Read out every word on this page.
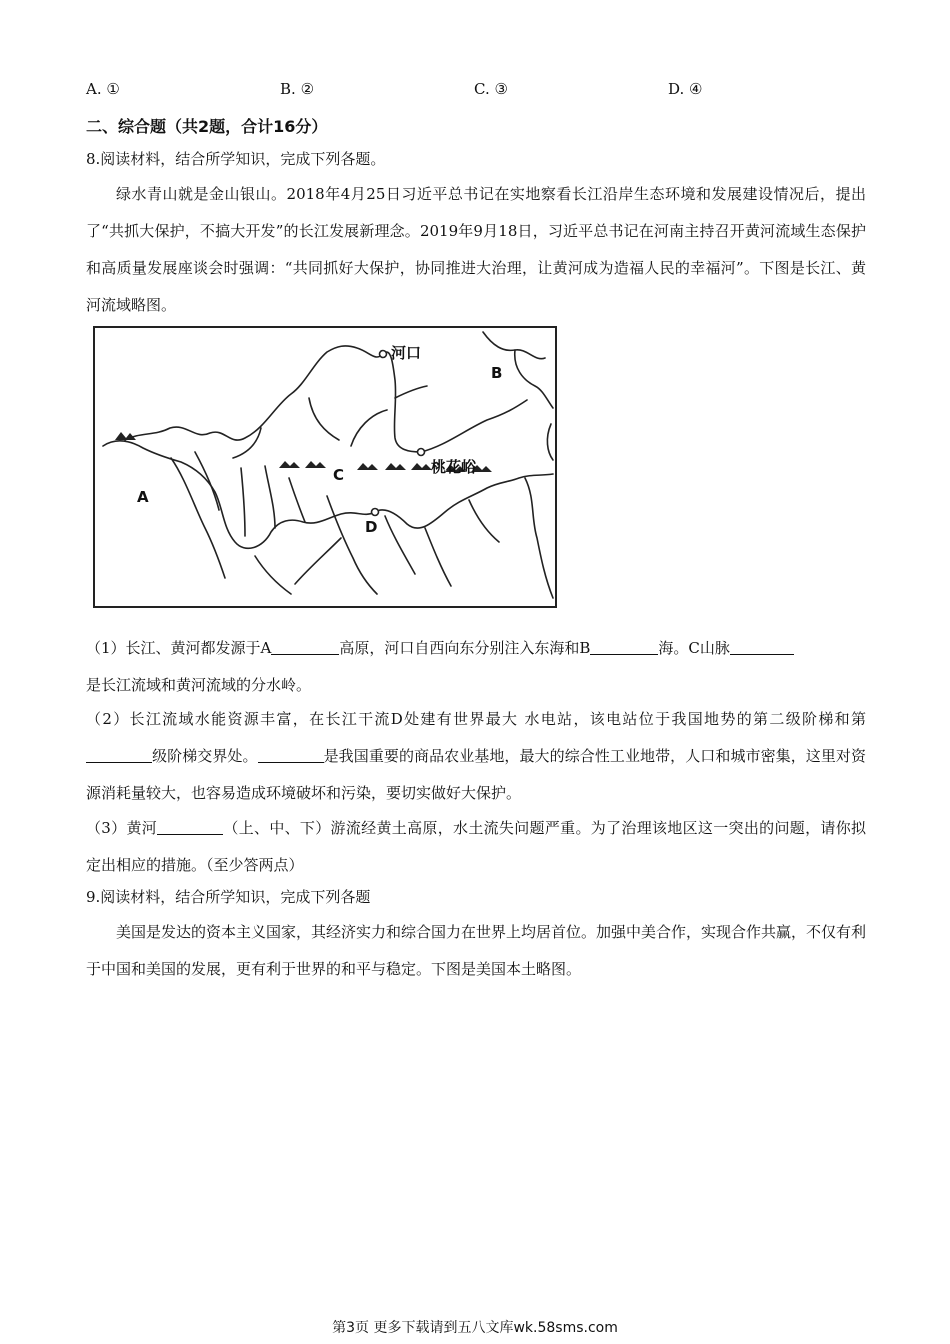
A. ①	B. ②	C. ③	D. ④
二、综合题（共2题，合计16分）
8.阅读材料，结合所学知识，完成下列各题。
绿水青山就是金山银山。2018年4月25日习近平总书记在实地察看长江沿岸生态环境和发展建设情况后，提出了“共抓大保护，不搞大开发”的长江发展新理念。2019年9月18日，习近平总书记在河南主持召开黄河流域生态保护和高质量发展座谈会时强调：“共同抓好大保护，协同推进大治理，让黄河成为造福人民的幸福河”。下图是长江、黄河流域略图。
河口
B
C	桃花峪
A
D
（1）长江、黄河都发源于A	高原，河口自西向东分别注入东海和B	海。C山脉
是长江流域和黄河流域的分水岭。
（2）长江流域水能资源丰富，在长江干流D处建有世界最大 水电站，该电站位于我国地势的第二级阶梯和第级阶梯交界处。	是我国重要的商品农业基地，最大的综合性工业地带，人口和城市密集，这里对资源消耗量较大，也容易造成环境破坏和污染，要切实做好大保护。
（3）黄河	（上、中、下）游流经黄土高原，水土流失问题严重。为了治理该地区这一突出的问题，请你拟定出相应的措施。（至少答两点）
9.阅读材料，结合所学知识，完成下列各题
美国是发达的资本主义国家，其经济实力和综合国力在世界上均居首位。加强中美合作，实现合作共赢，不仅有利于中国和美国的发展，更有利于世界的和平与稳定。下图是美国本土略图。
第3页 更多下载请到五八文库wk.58sms.com
